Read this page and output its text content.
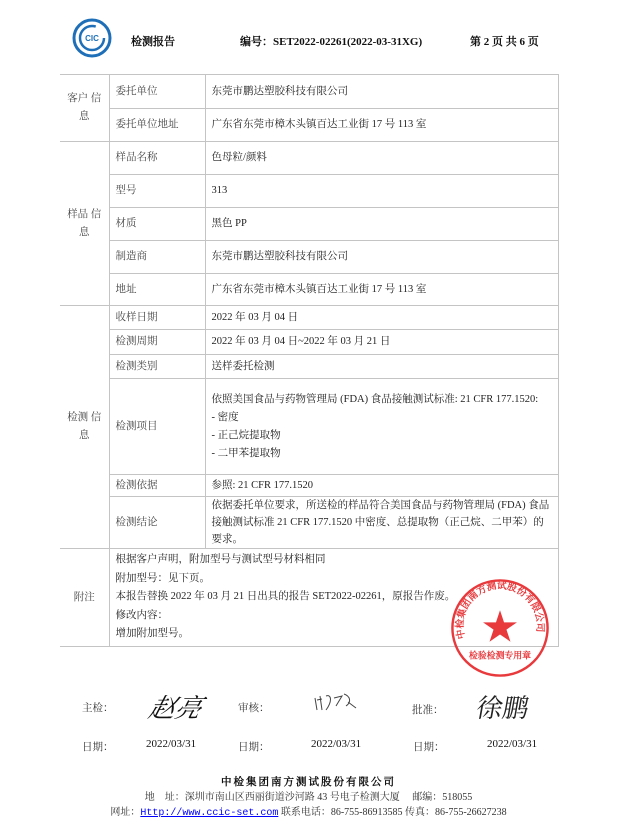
CIC	检测报告	编号：SET2022-02261(2022-03-31XG)	第 2 页 共 6 页
客户 信息	委托单位	东莞市鹏达塑胶科技有限公司
	委托单位地址	广东省东莞市樟木头镇百达工业街 17 号 113 室
样品 信息	样品名称	色母粒/颜料
	型号	313
	材质	黑色 PP
	制造商	东莞市鹏达塑胶科技有限公司
	地址	广东省东莞市樟木头镇百达工业街 17 号 113 室
检测 信息	收样日期	2022 年 03 月 04 日
	检测周期	2022 年 03 月 04 日~2022 年 03 月 21 日
	检测类别	送样委托检测
	检测项目	依照美国食品与药物管理局 (FDA) 食品接触测试标准: 21 CFR 177.1520:
- 密度
- 正己烷提取物
- 二甲苯提取物

	检测依据	参照: 21 CFR 177.1520
	检测结论	依据委托单位要求，所送检的样品符合美国食品与药物管理局 (FDA) 食品接触测试标准 21 CFR 177.1520 中密度、总提取物（正己烷、二甲苯）的要求。
附注	根据客户声明，附加型号与测试型号材料相同
附加型号：见下页。
本报告替换 2022 年 03 月 21 日出具的报告 SET2022-02261，原报告作废。
修改内容：
增加附加型号。		中检集团南方测试股份有限公司
检验检测专用章
主检： 赵亮	审核：	批准： 徐鹏
日期：	2022/03/31	日期：	2022/03/31	日期：	2022/03/31
中检集团南方测试股份有限公司
地　址：深圳市南山区西丽街道沙河路 43 号电子检测大厦　 邮编：518055
网址：Http://www.ccic-set.com 联系电话：86-755-86913585 传真：86-755-26627238
